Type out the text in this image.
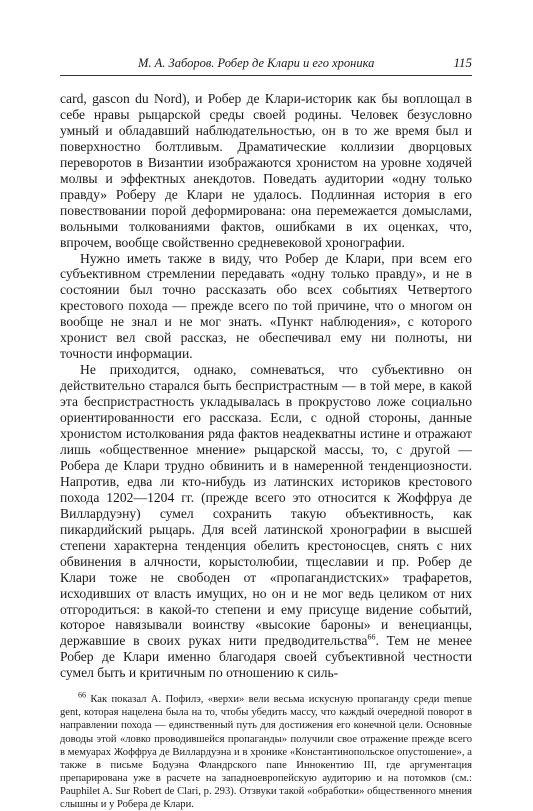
М. А. Заборов. Робер де Клари и его хроника	115

card, gascon du Nord), и Робер де Клари-историк как бы воплощал в себе нравы рыцарской среды своей родины. Человек безусловно умный и обладавший наблюдательностью, он в то же время был и поверхностно болтливым. Драматические коллизии дворцовых переворотов в Византии изображаются хронистом на уровне ходячей молвы и эффектных анекдотов. Поведать аудитории «одну только правду» Роберу де Клари не удалось. Подлинная история в его повествовании порой деформирована: она перемежается домыслами, вольными толкованиями фактов, ошибками в их оценках, что, впрочем, вообще свойственно средневековой хронографии.

Нужно иметь также в виду, что Робер де Клари, при всем его субъективном стремлении передавать «одну только правду», и не в состоянии был точно рассказать обо всех событиях Четвертого крестового похода — прежде всего по той причине, что о многом он вообще не знал и не мог знать. «Пункт наблюдения», с которого хронист вел свой рассказ, не обеспечивал ему ни полноты, ни точности информации.

Не приходится, однако, сомневаться, что субъективно он действительно старался быть беспристрастным — в той мере, в какой эта беспристрастность укладывалась в прокрустово ложе социально ориентированности его рассказа. Если, с одной стороны, данные хронистом истолкования ряда фактов неадекватны истине и отражают лишь «общественное мнение» рыцарской массы, то, с другой — Робера де Клари трудно обвинить и в намеренной тенденциозности. Напротив, едва ли кто-нибудь из латинских историков крестового похода 1202—1204 гг. (прежде всего это относится к Жоффруа де Виллардуэну) сумел сохранить такую объективность, как пикардийский рыцарь. Для всей латинской хронографии в высшей степени характерна тенденция обелить крестоносцев, снять с них обвинения в алчности, корыстолюбии, тщеславии и пр. Робер де Клари тоже не свободен от «пропагандистских» трафаретов, исходивших от власть имущих, но он и не мог ведь целиком от них отгородиться: в какой-то степени и ему присуще видение событий, которое навязывали воинству «высокие бароны» и венецианцы, державшие в своих руках нити предводительства$^{66}$. Тем не менее Робер де Клари именно благодаря своей субъективной честности сумел быть и критичным по отношению к силь-

$^{66}$ Как показал А. Пофилэ, «верхи» вели весьма искусную пропаганду среди menue gent, которая нацелена была на то, чтобы убедить массу, что каждый очередной поворот в направлении похода — единственный путь для достижения его конечной цели. Основные доводы этой «ловко проводившейся пропаганды» получили свое отражение прежде всего в мемуарах Жоффруа де Виллардуэна и в хронике «Константинопольское опустошение», а также в письме Бодуэна Фландрского папе Иннокентию III, где аргументация препарирована уже в расчете на западноевропейскую аудиторию и на потомков (см.: Pauphilet A. Sur Robert de Clari, p. 293). Отзвуки такой «обработки» общественного мнения слышны и у Робера де Клари.
